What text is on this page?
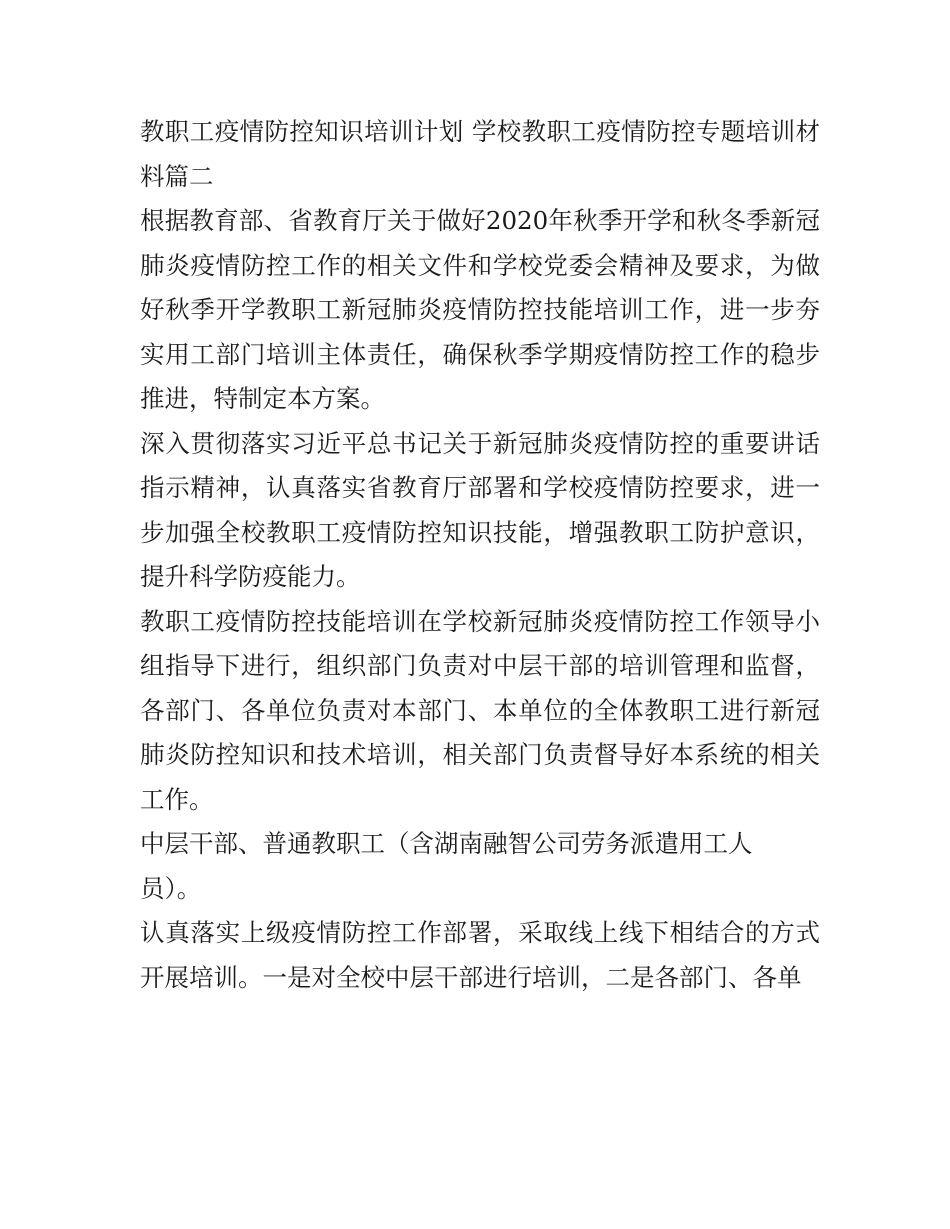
教职工疫情防控知识培训计划 学校教职工疫情防控专题培训材料篇二

根据教育部、省教育厅关于做好2020年秋季开学和秋冬季新冠肺炎疫情防控工作的相关文件和学校党委会精神及要求，为做好秋季开学教职工新冠肺炎疫情防控技能培训工作，进一步夯实用工部门培训主体责任，确保秋季学期疫情防控工作的稳步推进，特制定本方案。

深入贯彻落实习近平总书记关于新冠肺炎疫情防控的重要讲话指示精神，认真落实省教育厅部署和学校疫情防控要求，进一步加强全校教职工疫情防控知识技能，增强教职工防护意识，提升科学防疫能力。

教职工疫情防控技能培训在学校新冠肺炎疫情防控工作领导小组指导下进行，组织部门负责对中层干部的培训管理和监督，各部门、各单位负责对本部门、本单位的全体教职工进行新冠肺炎防控知识和技术培训，相关部门负责督导好本系统的相关工作。

中层干部、普通教职工（含湖南融智公司劳务派遣用工人员）。

认真落实上级疫情防控工作部署，采取线上线下相结合的方式开展培训。一是对全校中层干部进行培训，二是各部门、各单
